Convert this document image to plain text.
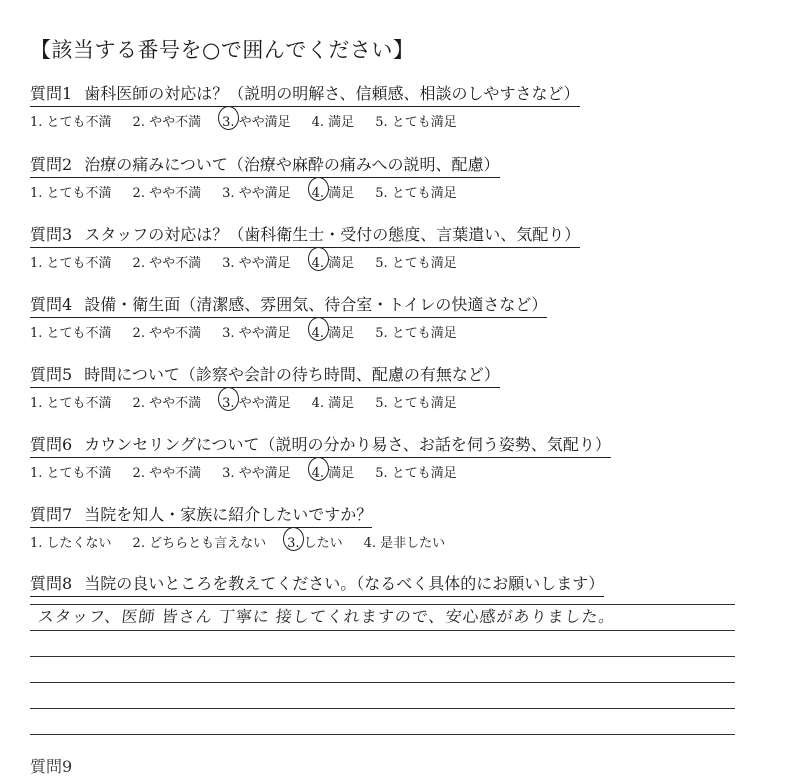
【該当する番号を○で囲んでください】
質問1 歯科医師の対応は？（説明の明解さ、信頼感、相談のしやすさなど）
1. とても不満 2. やや不満 3. やや満足 4. 満足 5. とても満足
質問2 治療の痛みについて（治療や麻酔の痛みへの説明、配慮）
1. とても不満 2. やや不満 3. やや満足 4. 満足 5. とても満足
質問3 スタッフの対応は？（歯科衛生士・受付の態度、言葉遣い、気配り）
1. とても不満 2. やや不満 3. やや満足 4. 満足 5. とても満足
質問4 設備・衛生面（清潔感、雰囲気、待合室・トイレの快適さなど）
1. とても不満 2. やや不満 3. やや満足 4. 満足 5. とても満足
質問5 時間について（診察や会計の待ち時間、配慮の有無など）
1. とても不満 2. やや不満 3. やや満足 4. 満足 5. とても満足
質問6 カウンセリングについて（説明の分かり易さ、お話を伺う姿勢、気配り）
1. とても不満 2. やや不満 3. やや満足 4. 満足 5. とても満足
質問7 当院を知人・家族に紹介したいですか？
1. したくない 2. どちらとも言えない 3. したい 4. 是非したい
質問8 当院の良いところを教えてください。（なるべく具体的にお願いします）
スタッフ、医師 皆さん 丁寧に 接してくれますので、安心感がありました。
質問9
